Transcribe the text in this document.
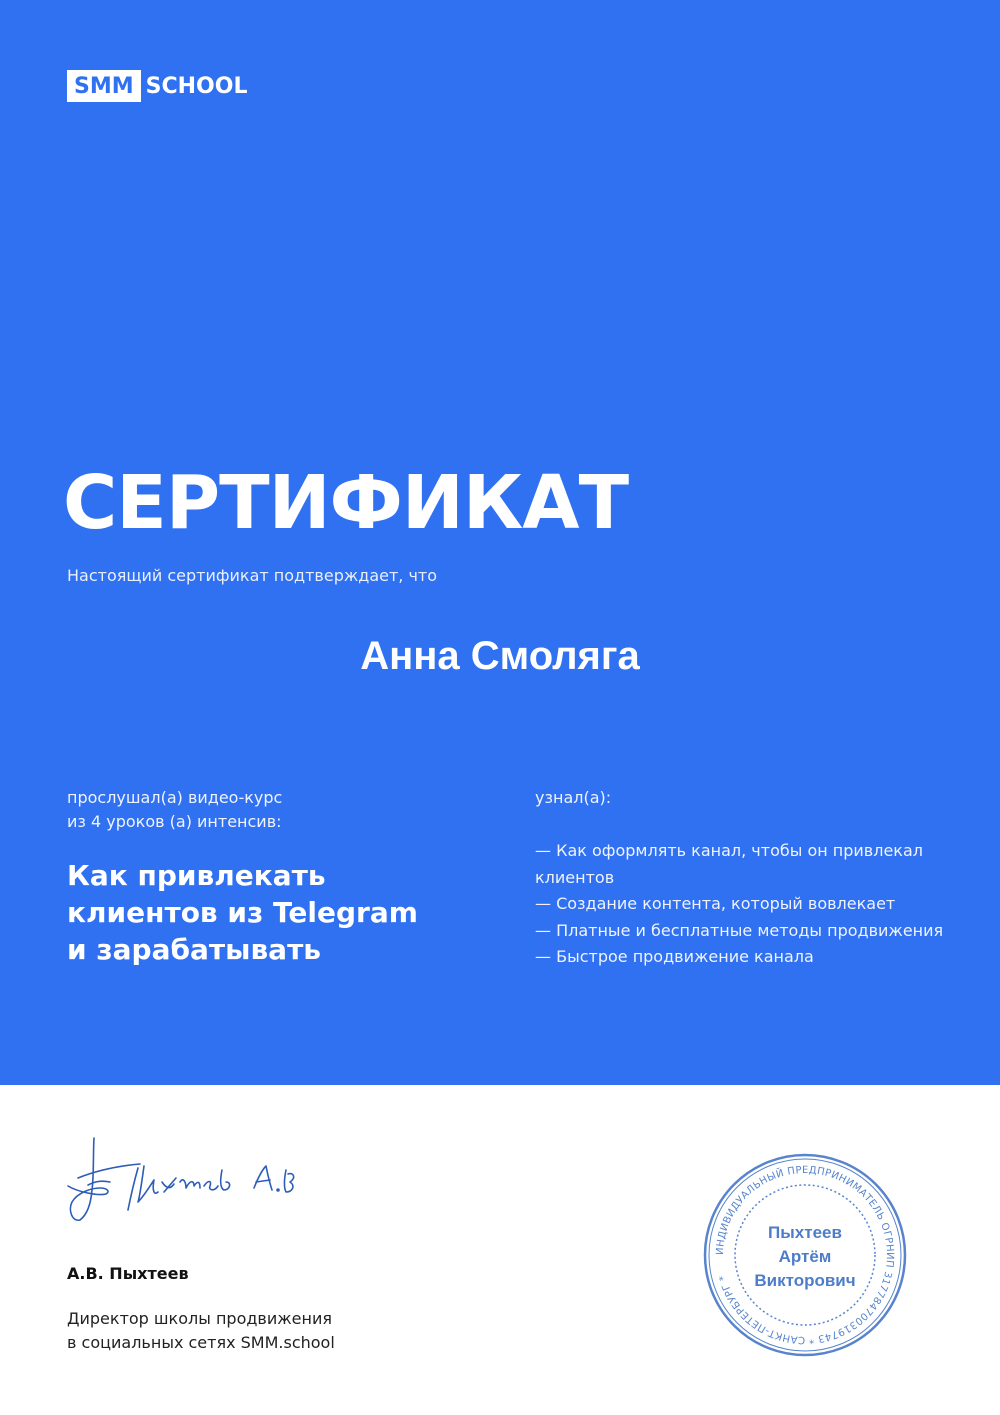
SMM SCHOOL
СЕРТИФИКАТ
Настоящий сертификат подтверждает, что
Анна Смоляга
прослушал(а) видео-курс
из 4 уроков (а) интенсив:
Как привлекать
клиентов из Telegram
и зарабатывать
узнал(а):
— Как оформлять канал, чтобы он привлекал клиентов
— Создание контента, который вовлекает
— Платные и бесплатные методы продвижения
— Быстрое продвижение канала
А.В. Пыхтеев
Директор школы продвижения
в социальных сетях SMM.school
ИНДИВИДУАЛЬНЫЙ ПРЕДПРИНИМАТЕЛЬ ОГРНИП 317784700319743 * САНКТ-ПЕТЕРБУРГ *
Пыхтеев
Артём
Викторович
